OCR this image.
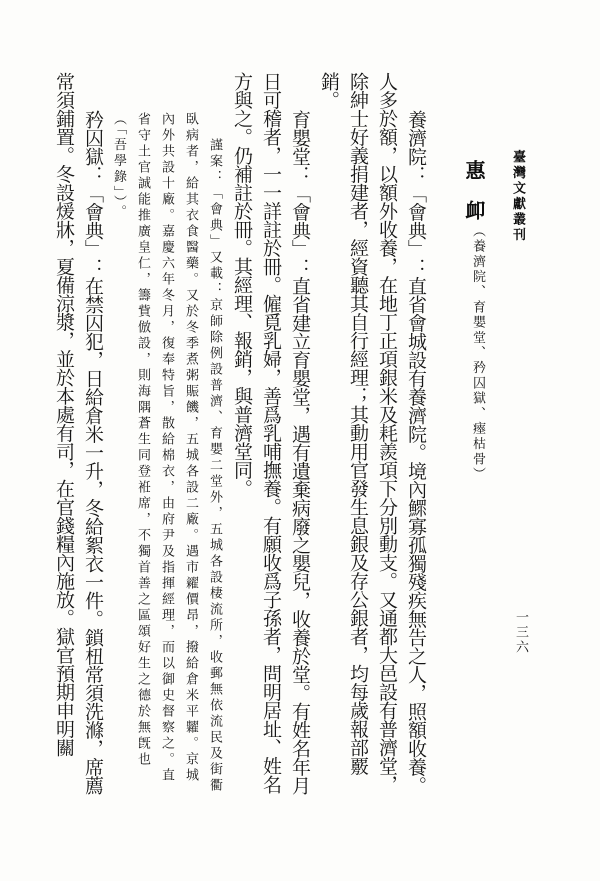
臺灣文獻叢刊
一三六
惠　卹（養濟院、育嬰堂、矜囚獄、瘞枯骨）

養濟院：「會典」：直省會城設有養濟院。境內鰥寡孤獨殘疾無告之人，照額收養。人多於額，以額外收養，在地丁正項銀米及耗羨項下分別動支。又通都大邑設有普濟堂，除紳士好義捐建者，經資聽其自行經理；其動用官發生息銀及存公銀者，均每歲報部覈銷。

育嬰堂：「會典」：直省建立育嬰堂，遇有遺棄病廢之嬰兒，收養於堂。有姓名年月日可稽者，一一詳註於冊。僱覓乳婦，善爲乳哺撫養。有願收爲子孫者，問明居址、姓名方與之。仍補註於冊。其經理、報銷，與普濟堂同。

謹案：「會典」又載：京師除例設普濟、育嬰二堂外，五城各設棲流所，收郵無依流民及街衢臥病者，給其衣食醫藥。又於冬季煮粥賑饑，五城各設二廠。遇市糴價昂，撥給倉米平糶。京城內外共設十廠。嘉慶六年冬月，復奉特旨，散給棉衣，由府尹及指揮經理，而以御史督察之。直省守土官誠能推廣皇仁，籌貲倣設，則海隅蒼生同登袵席，不獨首善之區頌好生之德於無旣也（「吾學錄」）。

矜囚獄：「會典」：在禁囚犯，日給倉米一升，冬給絮衣一件。鎖杻常須洗滌，席薦常須鋪置。冬設煖牀，夏備涼漿，並於本處有司，在官錢糧內施放。獄官預期申明關
